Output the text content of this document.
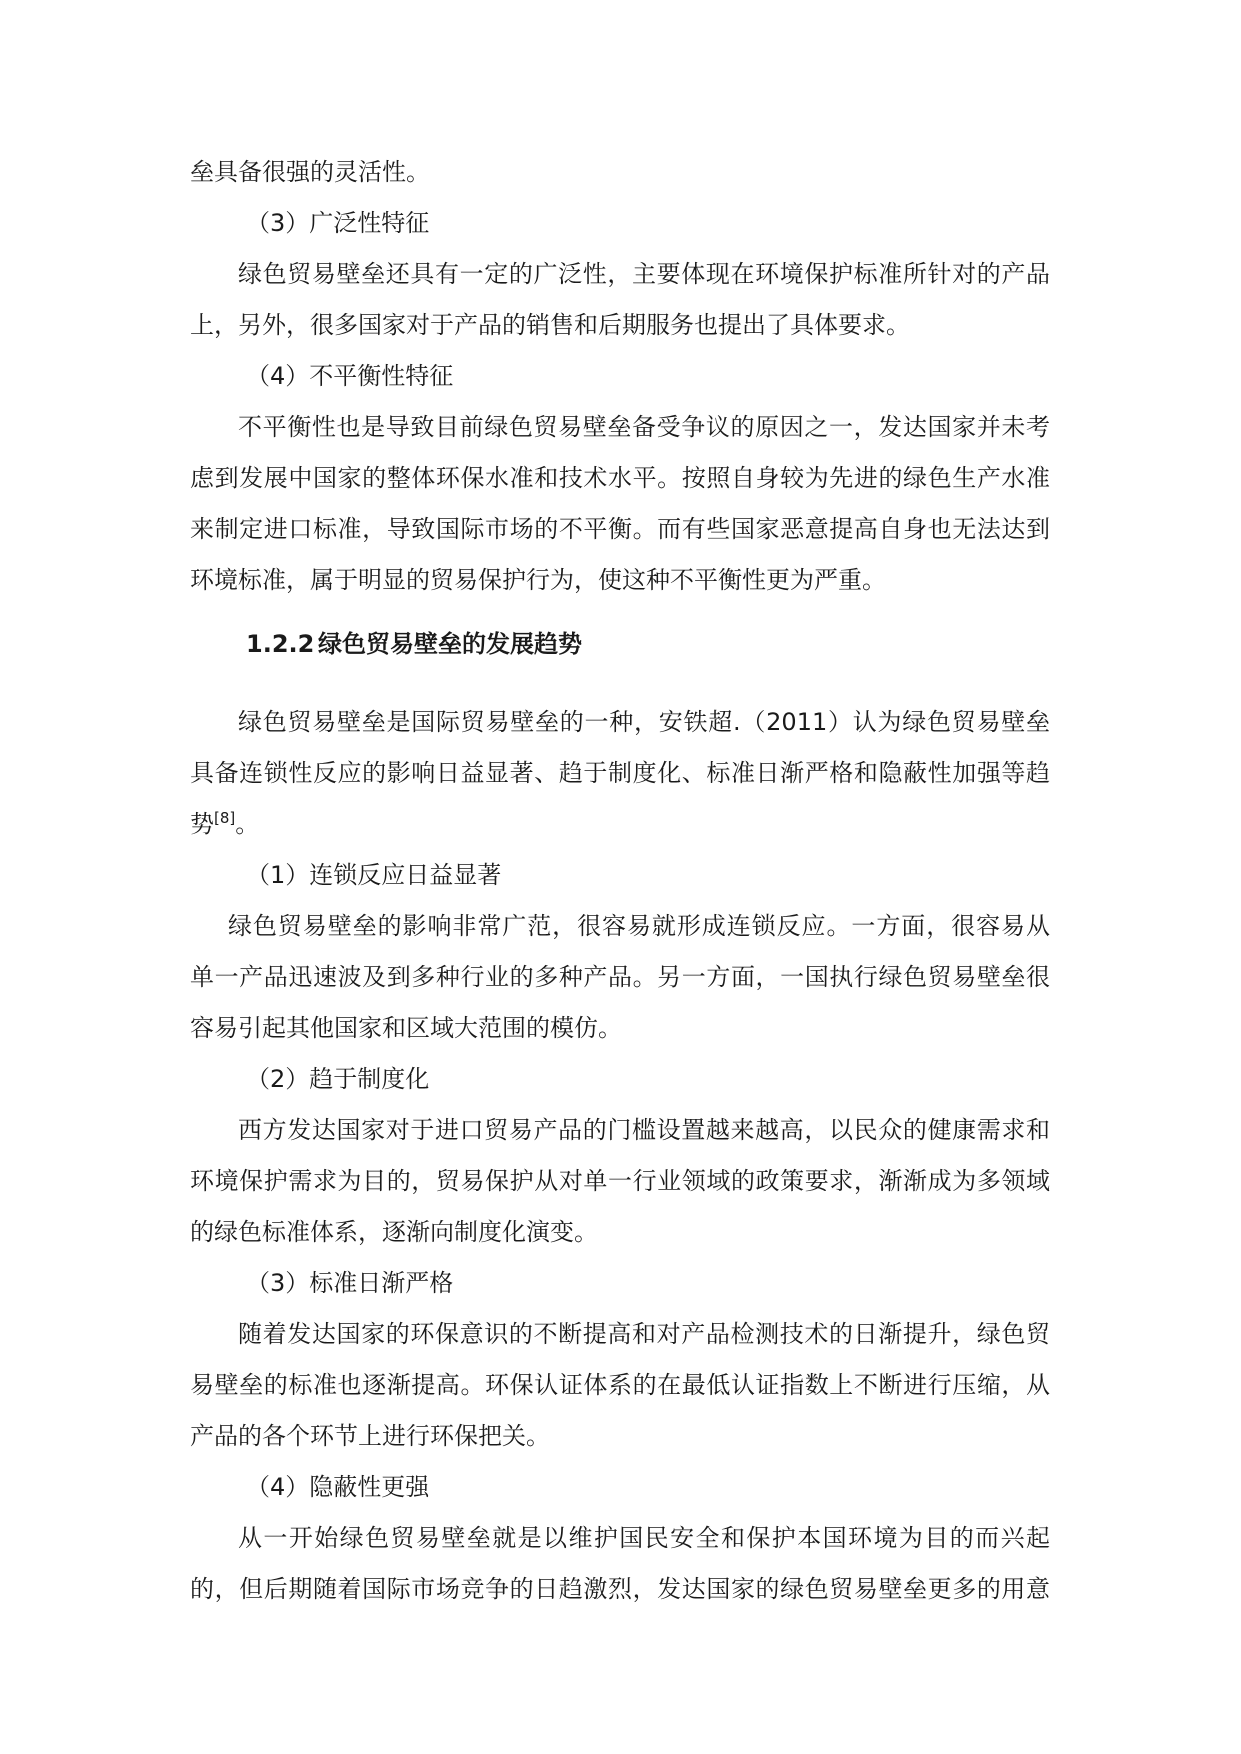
垒具备很强的灵活性。
（3）广泛性特征
绿色贸易壁垒还具有一定的广泛性，主要体现在环境保护标准所针对的产品
上，另外，很多国家对于产品的销售和后期服务也提出了具体要求。
（4）不平衡性特征
不平衡性也是导致目前绿色贸易壁垒备受争议的原因之一，发达国家并未考
虑到发展中国家的整体环保水准和技术水平。按照自身较为先进的绿色生产水准
来制定进口标准，导致国际市场的不平衡。而有些国家恶意提高自身也无法达到
环境标准，属于明显的贸易保护行为，使这种不平衡性更为严重。
1.2.2 绿色贸易壁垒的发展趋势
绿色贸易壁垒是国际贸易壁垒的一种，安铁超.（2011）认为绿色贸易壁垒
具备连锁性反应的影响日益显著、趋于制度化、标准日渐严格和隐蔽性加强等趋
势[8]。
（1）连锁反应日益显著
绿色贸易壁垒的影响非常广范，很容易就形成连锁反应。一方面，很容易从
单一产品迅速波及到多种行业的多种产品。另一方面，一国执行绿色贸易壁垒很
容易引起其他国家和区域大范围的模仿。
（2）趋于制度化
西方发达国家对于进口贸易产品的门槛设置越来越高，以民众的健康需求和
环境保护需求为目的，贸易保护从对单一行业领域的政策要求，渐渐成为多领域
的绿色标准体系，逐渐向制度化演变。
（3）标准日渐严格
随着发达国家的环保意识的不断提高和对产品检测技术的日渐提升，绿色贸
易壁垒的标准也逐渐提高。环保认证体系的在最低认证指数上不断进行压缩，从
产品的各个环节上进行环保把关。
（4）隐蔽性更强
从一开始绿色贸易壁垒就是以维护国民安全和保护本国环境为目的而兴起
的，但后期随着国际市场竞争的日趋激烈，发达国家的绿色贸易壁垒更多的用意
